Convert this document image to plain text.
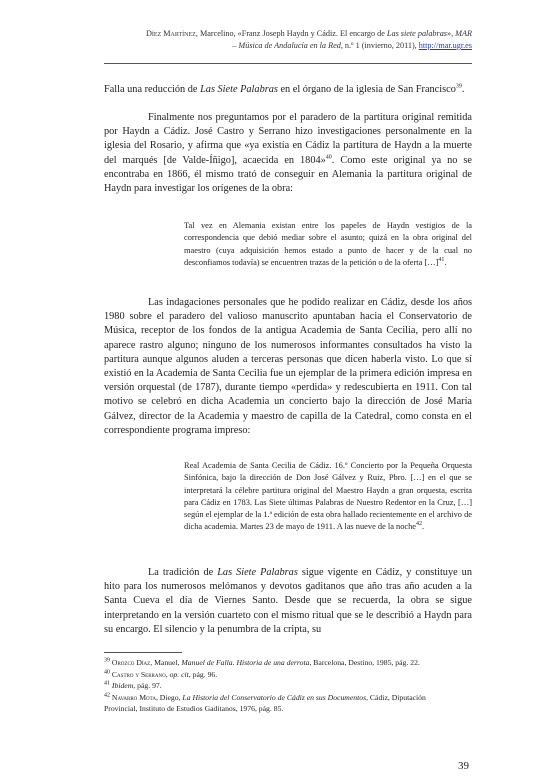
Díez Martínez, Marcelino, «Franz Joseph Haydn y Cádiz. El encargo de Las siete palabras», MAR
– Música de Andalucía en la Red, n.º 1 (invierno, 2011), http://mar.ugr.es

Falla una reducción de Las Siete Palabras en el órgano de la iglesia de San Francisco$^{39}$.

Finalmente nos preguntamos por el paradero de la partitura original remitida por Haydn a Cádiz. José Castro y Serrano hizo investigaciones personalmente en la iglesia del Rosario, y afirma que «ya existía en Cádiz la partitura de Haydn a la muerte del marqués [de Valde-Íñigo], acaecida en 1804»$^{40}$. Como este original ya no se encontraba en 1866, él mismo trató de conseguir en Alemania la partitura original de Haydn para investigar los orígenes de la obra:

Tal vez en Alemania existan entre los papeles de Haydn vestigios de la correspondencia que debió mediar sobre el asunto; quizá en la obra original del maestro (cuya adquisición hemos estado a punto de hacer y de la cual no desconfiamos todavía) se encuentren trazas de la petición o de la oferta […]$^{41}$.

Las indagaciones personales que he podido realizar en Cádiz, desde los años 1980 sobre el paradero del valioso manuscrito apuntaban hacia el Conservatorio de Música, receptor de los fondos de la antigua Academia de Santa Cecilia, pero allí no aparece rastro alguno; ninguno de los numerosos informantes consultados ha visto la partitura aunque algunos aluden a terceras personas que dicen haberla visto. Lo que sí existió en la Academia de Santa Cecilia fue un ejemplar de la primera edición impresa en versión orquestal (de 1787), durante tiempo «perdida» y redescubierta en 1911. Con tal motivo se celebró en dicha Academia un concierto bajo la dirección de José María Gálvez, director de la Academia y maestro de capilla de la Catedral, como consta en el correspondiente programa impreso:

Real Academia de Santa Cecilia de Cádiz. 16.º Concierto por la Pequeña Orquesta Sinfónica, bajo la dirección de Don José Gálvez y Ruiz, Pbro. […] en el que se interpretará la célebre partitura original del Maestro Haydn a gran orquesta, escrita para Cádiz en 1783. Las Siete últimas Palabras de Nuestro Redentor en la Cruz, […] según el ejemplar de la 1.ª edición de esta obra hallado recientemente en el archivo de dicha academia. Martes 23 de mayo de 1911. A las nueve de la noche$^{42}$.

La tradición de Las Siete Palabras sigue vigente en Cádiz, y constituye un hito para los numerosos melómanos y devotos gaditanos que año tras año acuden a la Santa Cueva el día de Viernes Santo. Desde que se recuerda, la obra se sigue interpretando en la versión cuarteto con el mismo ritual que se le describió a Haydn para su encargo. El silencio y la penumbra de la cripta, su

$^{39}$ Orozco Díaz, Manuel, Manuel de Falla. Historia de una derrota, Barcelona, Destino, 1985, pág. 22.
$^{40}$ Castro y Serrano, op. cit, pág. 96.
$^{41}$ Ibidem, pág. 97.
$^{42}$ Navarro Mota, Diego, La Historia del Conservatorio de Cádiz en sus Documentos, Cádiz, Diputación
Provincial, Instituto de Estudios Gaditanos, 1976, pág. 85.
39
